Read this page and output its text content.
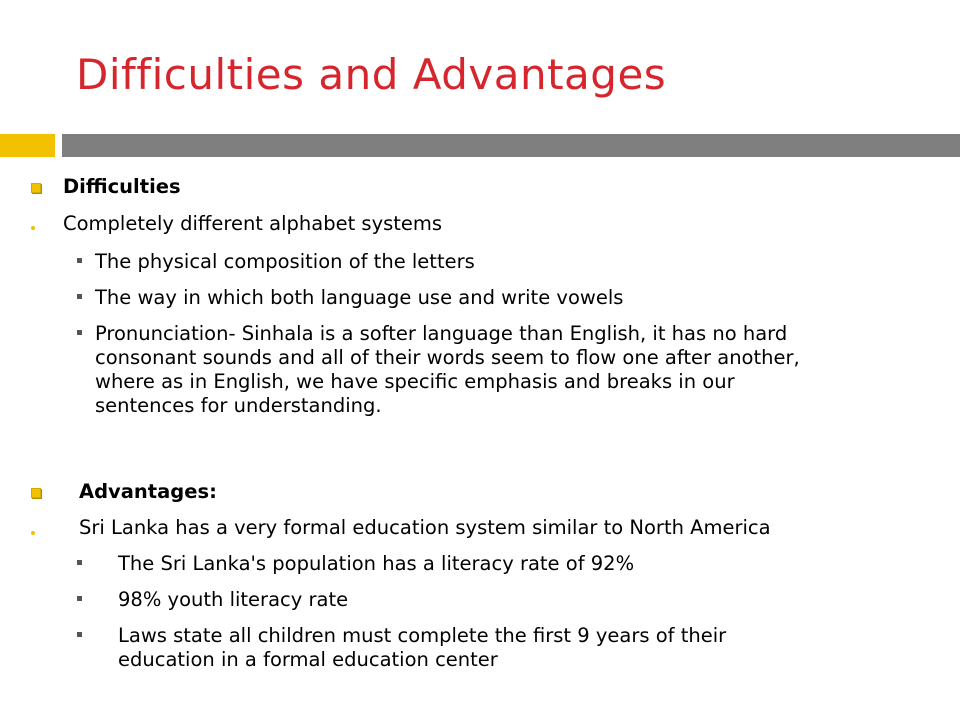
Difficulties and Advantages
Difficulties
Completely different alphabet systems
The physical composition of the letters
The way in which both language use and write vowels
Pronunciation- Sinhala is a softer language than English, it has no hard
consonant sounds and all of their words seem to flow one after another,
where as in English, we have specific emphasis and breaks in our
sentences for understanding.
Advantages:
Sri Lanka has a very formal education system similar to North America
The Sri Lanka's population has a literacy rate of 92%
98% youth literacy rate
Laws state all children must complete the first 9 years of their
education in a formal education center
